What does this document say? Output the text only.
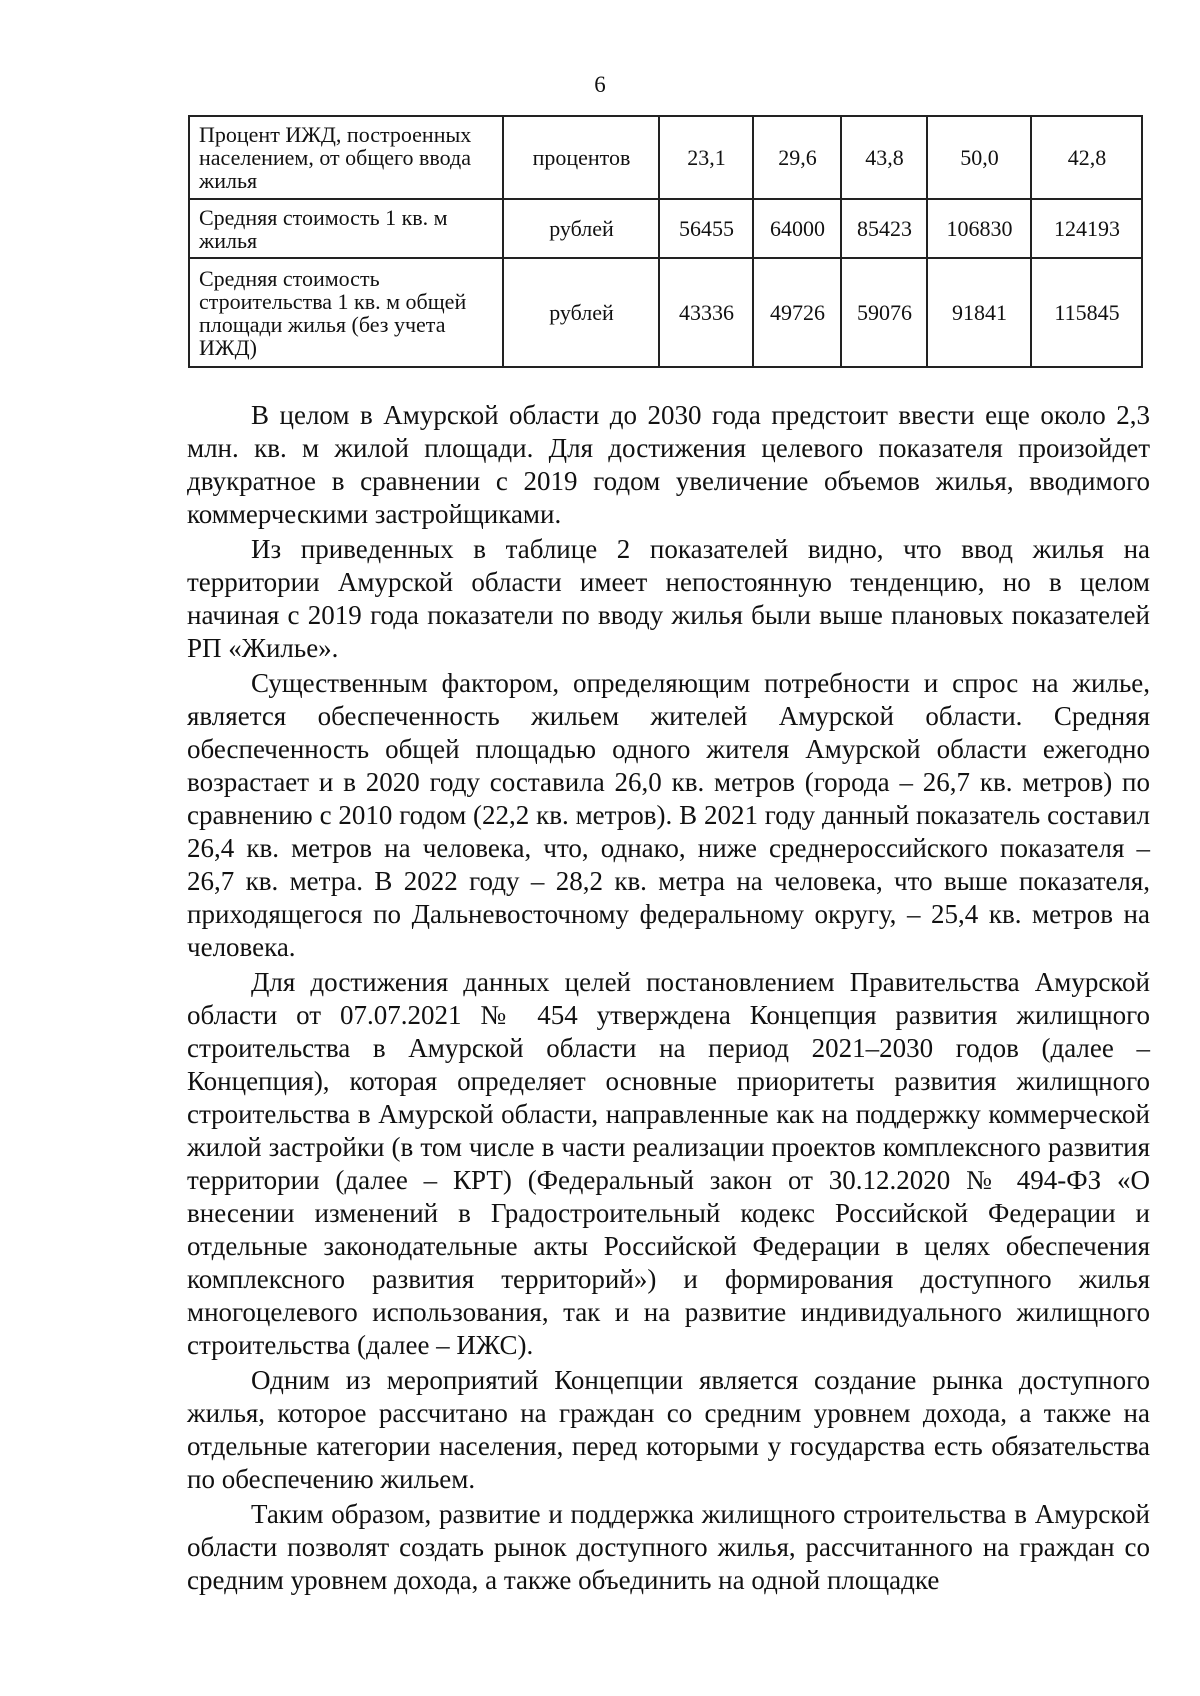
6
Процент ИЖД, построенных населением, от общего ввода жилья	процентов	23,1	29,6	43,8	50,0	42,8
Средняя стоимость 1 кв. м жилья	рублей	56455	64000	85423	106830	124193
Средняя стоимость строительства 1 кв. м общей площади жилья (без учета ИЖД)	рублей	43336	49726	59076	91841	115845

В целом в Амурской области до 2030 года предстоит ввести еще около 2,3 млн. кв. м жилой площади. Для достижения целевого показателя произойдет двукратное в сравнении с 2019 годом увеличение объемов жилья, вводимого коммерческими застройщиками.

Из приведенных в таблице 2 показателей видно, что ввод жилья на территории Амурской области имеет непостоянную тенденцию, но в целом начиная с 2019 года показатели по вводу жилья были выше плановых показателей РП «Жилье».

Существенным фактором, определяющим потребности и спрос на жилье, является обеспеченность жильем жителей Амурской области. Средняя обеспеченность общей площадью одного жителя Амурской области ежегодно возрастает и в 2020 году составила 26,0 кв. метров (города – 26,7 кв. метров) по сравнению с 2010 годом (22,2 кв. метров). В 2021 году данный показатель составил 26,4 кв. метров на человека, что, однако, ниже среднероссийского показателя – 26,7 кв. метра. В 2022 году – 28,2 кв. метра на человека, что выше показателя, приходящегося по Дальневосточному федеральному округу, – 25,4 кв. метров на человека.

Для достижения данных целей постановлением Правительства Амурской области от 07.07.2021 № 454 утверждена Концепция развития жилищного строительства в Амурской области на период 2021–2030 годов (далее – Концепция), которая определяет основные приоритеты развития жилищного строительства в Амурской области, направленные как на поддержку коммерческой жилой застройки (в том числе в части реализации проектов комплексного развития территории (далее – КРТ) (Федеральный закон от 30.12.2020 № 494-ФЗ «О внесении изменений в Градостроительный кодекс Российской Федерации и отдельные законодательные акты Российской Федерации в целях обеспечения комплексного развития территорий») и формирования доступного жилья многоцелевого использования, так и на развитие индивидуального жилищного строительства (далее – ИЖС).

Одним из мероприятий Концепции является создание рынка доступного жилья, которое рассчитано на граждан со средним уровнем дохода, а также на отдельные категории населения, перед которыми у государства есть обязательства по обеспечению жильем.

Таким образом, развитие и поддержка жилищного строительства в Амурской области позволят создать рынок доступного жилья, рассчитанного на граждан со средним уровнем дохода, а также объединить на одной площадке
